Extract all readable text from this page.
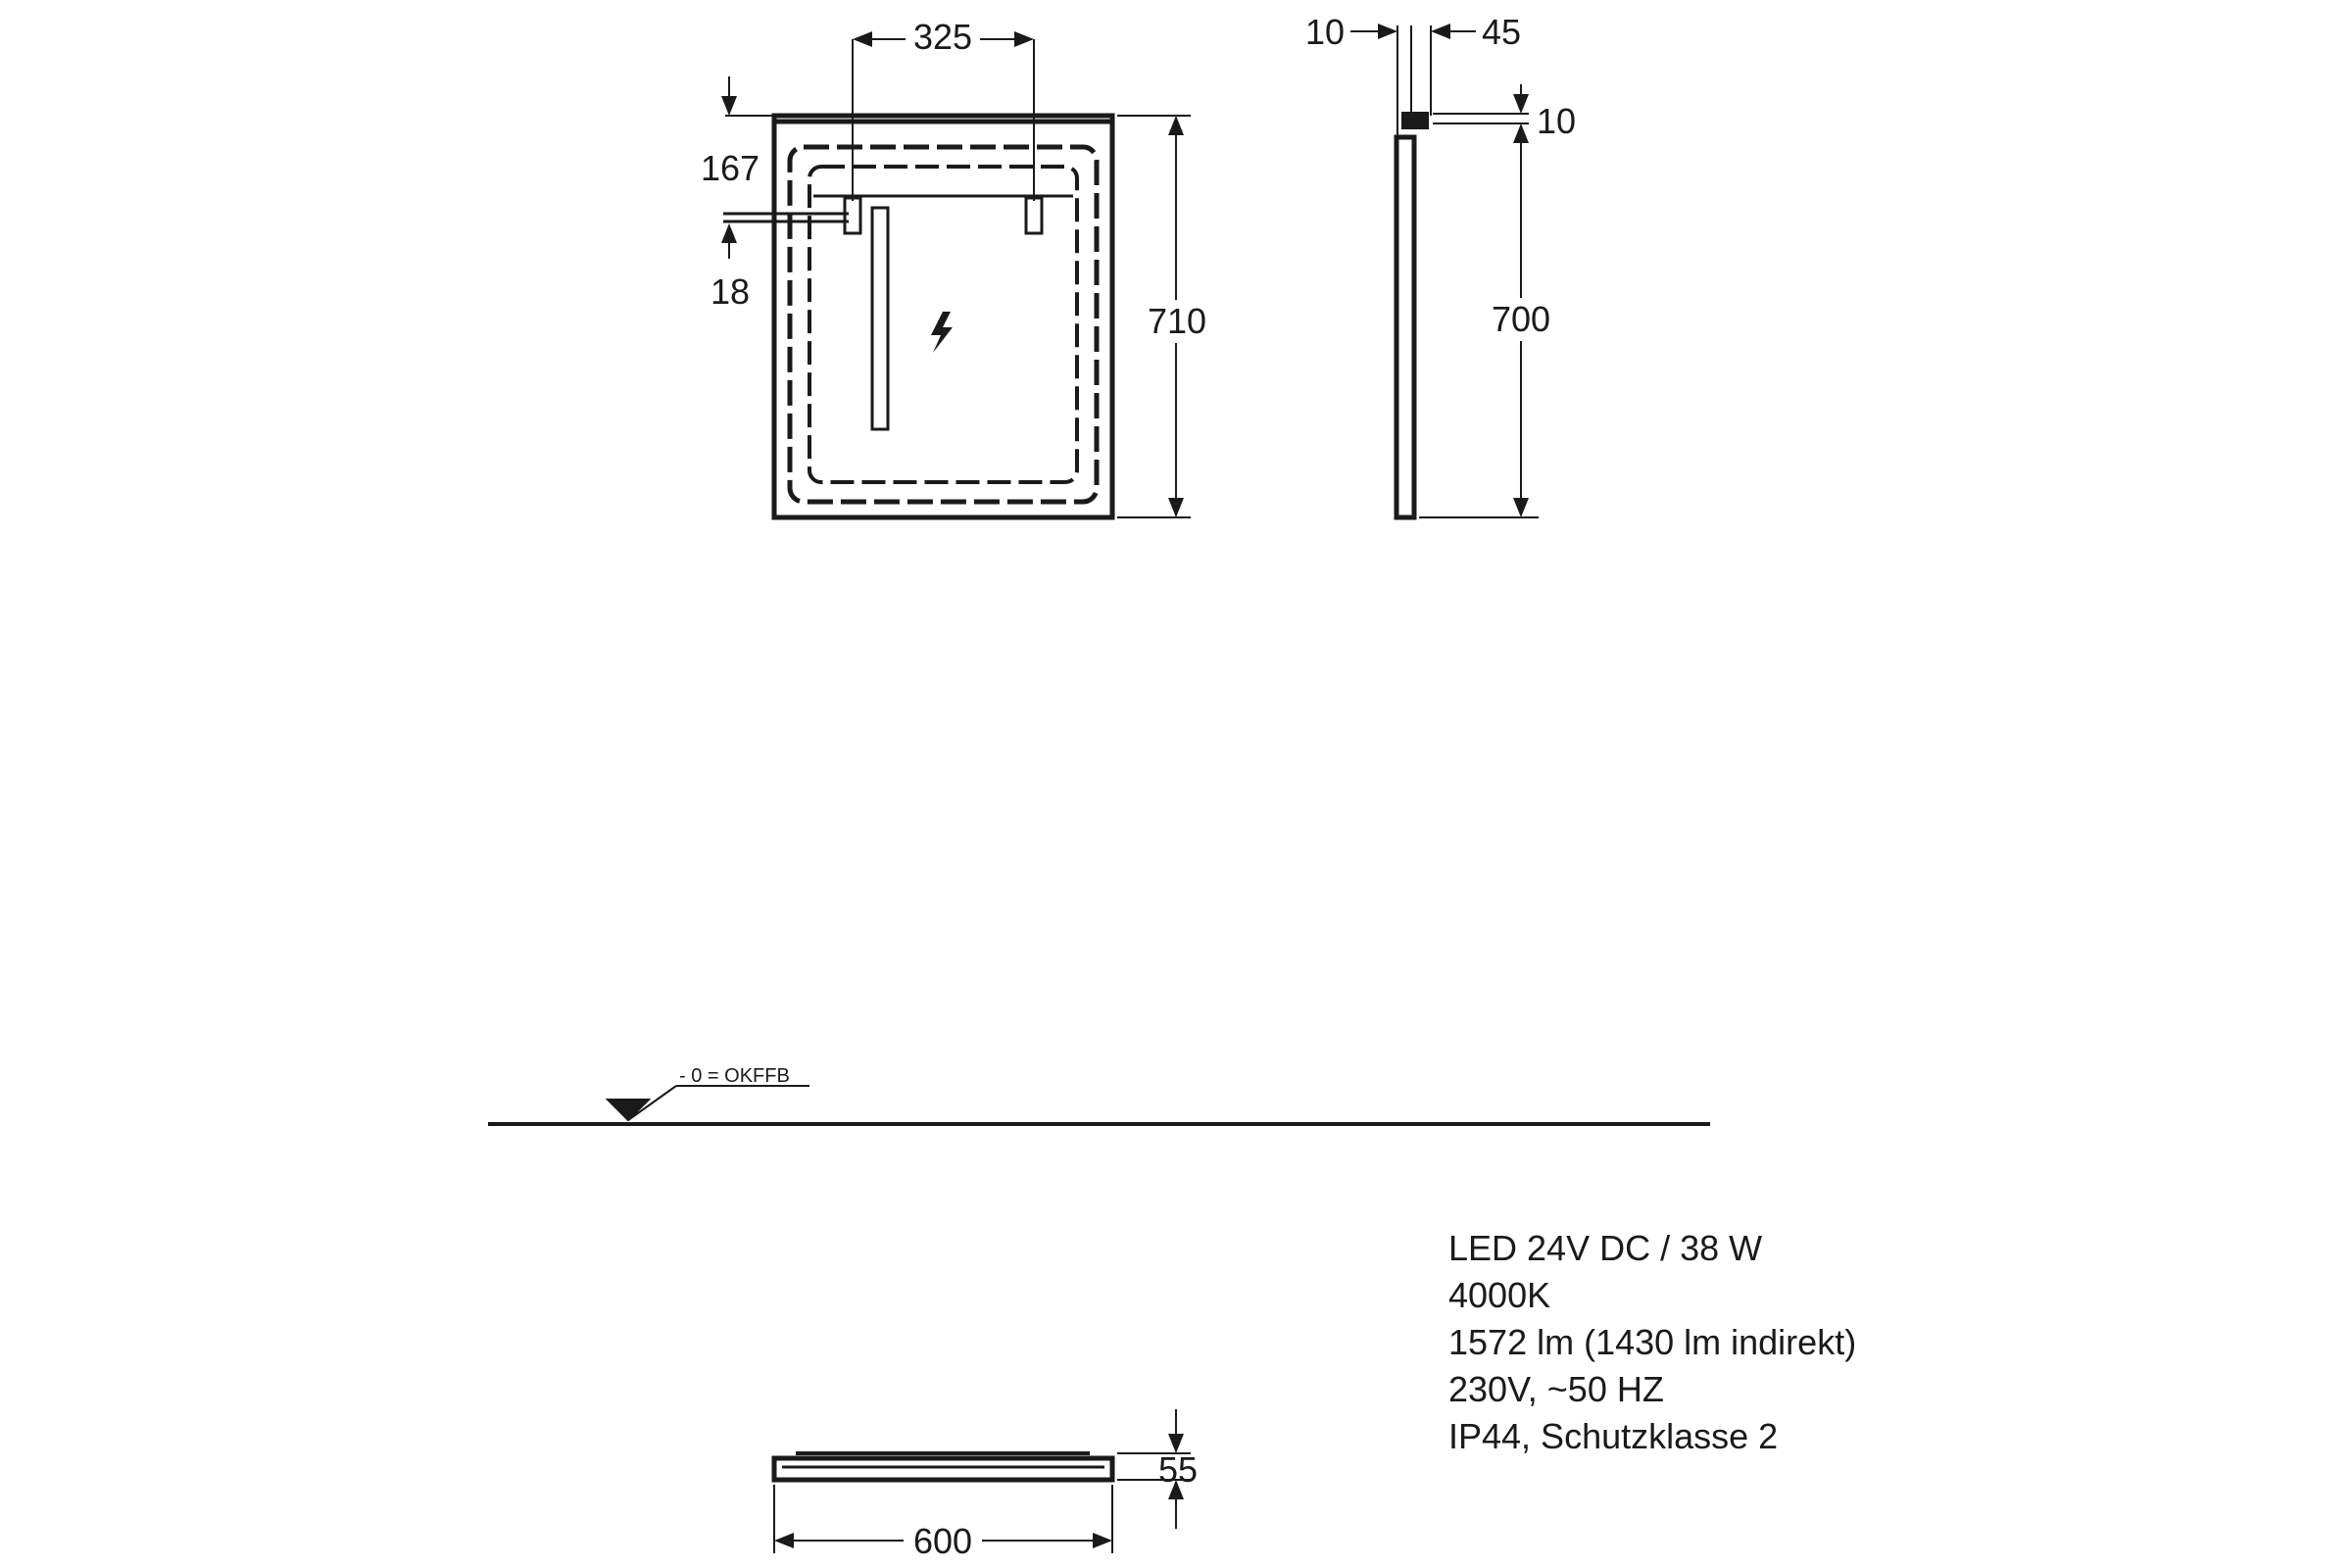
325
167
18
710
10	45
10
700
- 0 = OKFFB
55
600
LED 24V DC / 38 W
4000K
1572 lm (1430 lm indirekt)
230V, ~50 HZ
IP44, Schutzklasse 2
